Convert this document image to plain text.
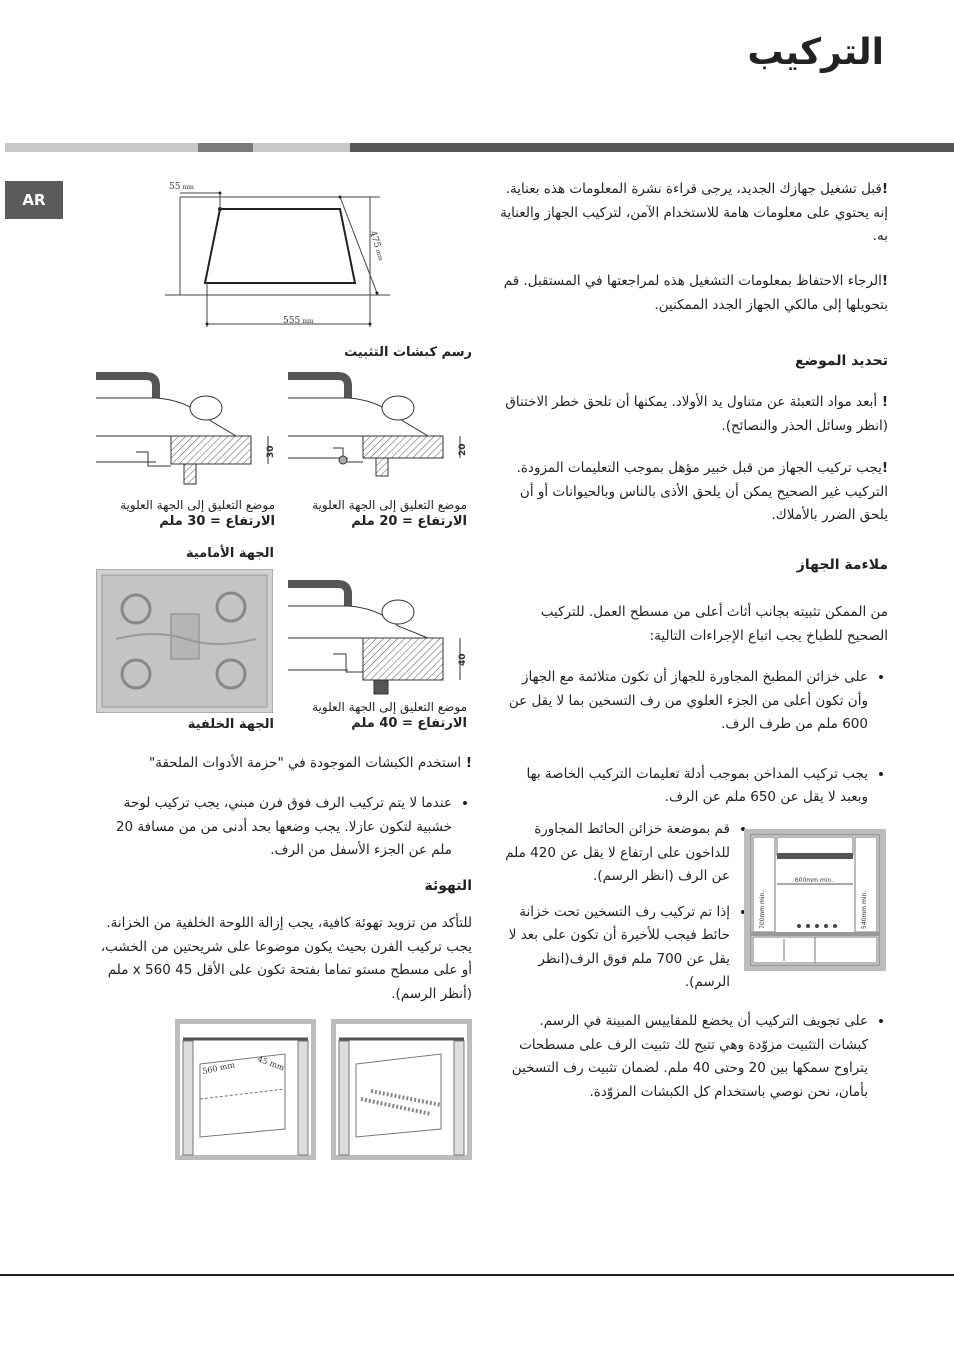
التركيب
AR

!قبل تشغيل جهازك الجديد، يرجى قراءة نشرة المعلومات هذه بعناية. إنه يحتوي على معلومات هامة للاستخدام الآمن، لتركيب الجهاز والعناية به.

!الرجاء الاحتفاظ بمعلومات التشغيل هذه لمراجعتها في المستقبل. قم بتحويلها إلى مالكي الجهاز الجدد الممكنين.

تحديد الموضع

! أبعد مواد التعبئة عن متناول يد الأولاد. يمكنها أن تلحق خطر الاختناق (انظر وسائل الحذر والنصائح).

!يجب تركيب الجهاز من قبل خبير مؤهل بموجب التعليمات المزودة. التركيب غير الصحيح يمكن أن يلحق الأذى بالناس وبالحيوانات أو أن يلحق الضرر بالأملاك.

ملاءمة الجهاز
من الممكن تثبيته بجانب أثاث أعلى من مسطح العمل. للتركيب الصحيح للطباخ يجب اتباع الإجراءات التالية:
• على خزائن المطبخ المجاورة للجهاز أن تكون متلائمة مع الجهاز وأن تكون أعلى من الجزء العلوي من رف التسخين بما لا يقل عن 600 ملم من طرف الرف.
• يجب تركيب المداخن بموجب أدلة تعليمات التركيب الخاصة بها وبعبد لا يقل عن 650 ملم عن الرف.
• قم بموضعة خزائن الحائط المجاورة للداخون على ارتفاع لا يقل عن 420 ملم عن الرف (انظر الرسم).
• إذا تم تركيب رف التسخين تحت خزانة حائط فيجب للأخيرة أن تكون على بعد لا يقل عن 700 ملم فوق الرف(انظر الرسم).
• على تجويف التركيب أن يخضع للمقاييس المبينة في الرسم. كبشات التثبيت مزوّدة وهي تتيح لك تثبيت الرف على مسطحات يتراوح سمكها بين 20 وحتى 40 ملم. لضمان تثبيت رف التسخين بأمان، نحن نوصي باستخدام كل الكبشات المزوّدة.
600mm min.
700mm min.	540mm min.
55 mm
475mm
555 mm
رسم كبشات التثبيت
20
موضع التعليق إلى الجهة العلوية
الارتفاع = 20 ملم
30
موضع التعليق إلى الجهة العلوية
الارتفاع = 30 ملم
الجهة الأمامية
الجهة الخلفية
40
موضع التعليق إلى الجهة العلوية
الارتفاع = 40 ملم

! استخدم الكبشات الموجودة في "حزمة الأدوات الملحقة"

• عندما لا يتم تركيب الرف فوق فرن مبني، يجب تركيب لوحة خشبية لتكون عازلا. يجب وضعها بحد أدنى من من مسافة 20 ملم عن الجزء الأسفل من الرف.
التهوئة
للتأكد من تزويد تهوئة كافية، يجب إزالة اللوحة الخلفية من الخزانة. يجب تركيب الفرن بحيث يكون موضوعا على شريحتين من الخشب، أو على مسطح مستو تماما بفتحة تكون على الأقل x 560 45 ملم (أنظر الرسم).
560 mm	45 mm
